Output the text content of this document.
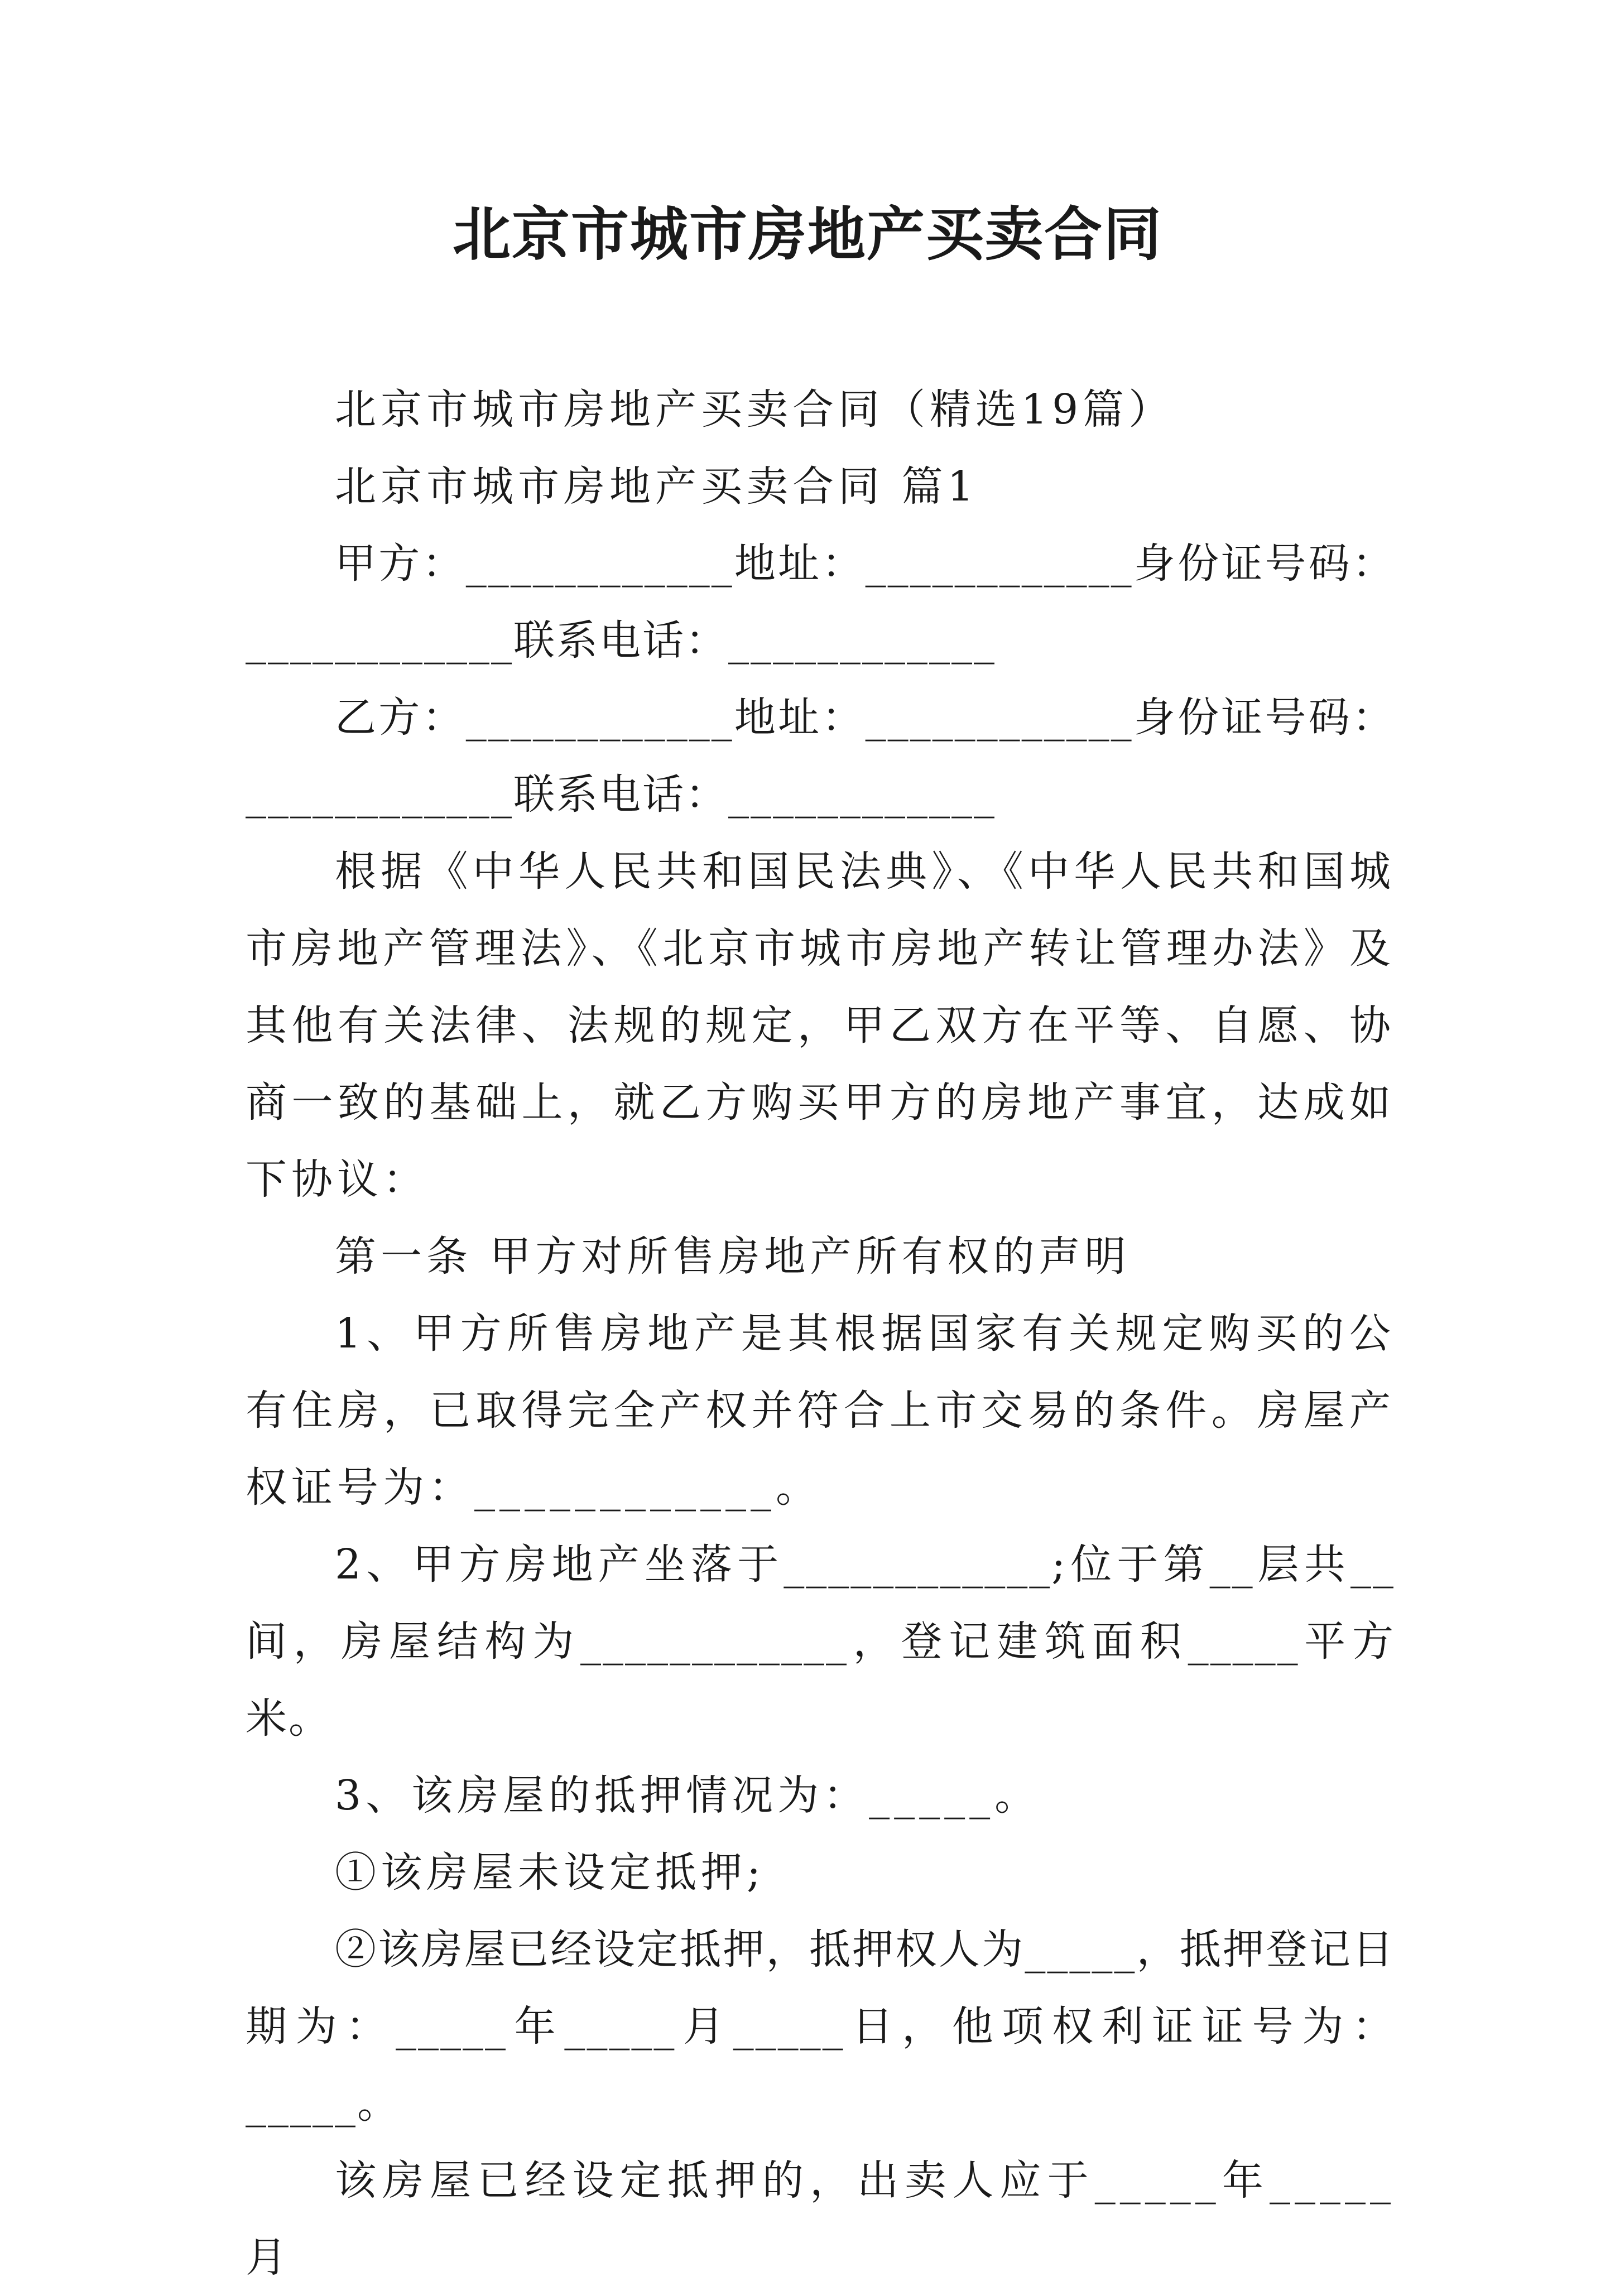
北京市城市房地产买卖合同

北京市城市房地产买卖合同（精选19篇）

北京市城市房地产买卖合同 篇1

甲方：____________地址：____________身份证号码：____________联系电话：____________

乙方：____________地址：____________身份证号码：____________联系电话：____________

根据《中华人民共和国民法典》、《中华人民共和国城市房地产管理法》、《北京市城市房地产转让管理办法》及其他有关法律、法规的规定，甲乙双方在平等、自愿、协商一致的基础上，就乙方购买甲方的房地产事宜，达成如下协议：

第一条 甲方对所售房地产所有权的声明

1、甲方所售房地产是其根据国家有关规定购买的公有住房，已取得完全产权并符合上市交易的条件。房屋产权证号为：____________。

2、甲方房地产坐落于____________;位于第__层共__间，房屋结构为____________，登记建筑面积_____平方米。

3、该房屋的抵押情况为：_____。

①该房屋未设定抵押;

②该房屋已经设定抵押，抵押权人为_____，抵押登记日期为：_____年_____月_____日，他项权利证证号为：_____。

该房屋已经设定抵押的，出卖人应于_____年_____月
